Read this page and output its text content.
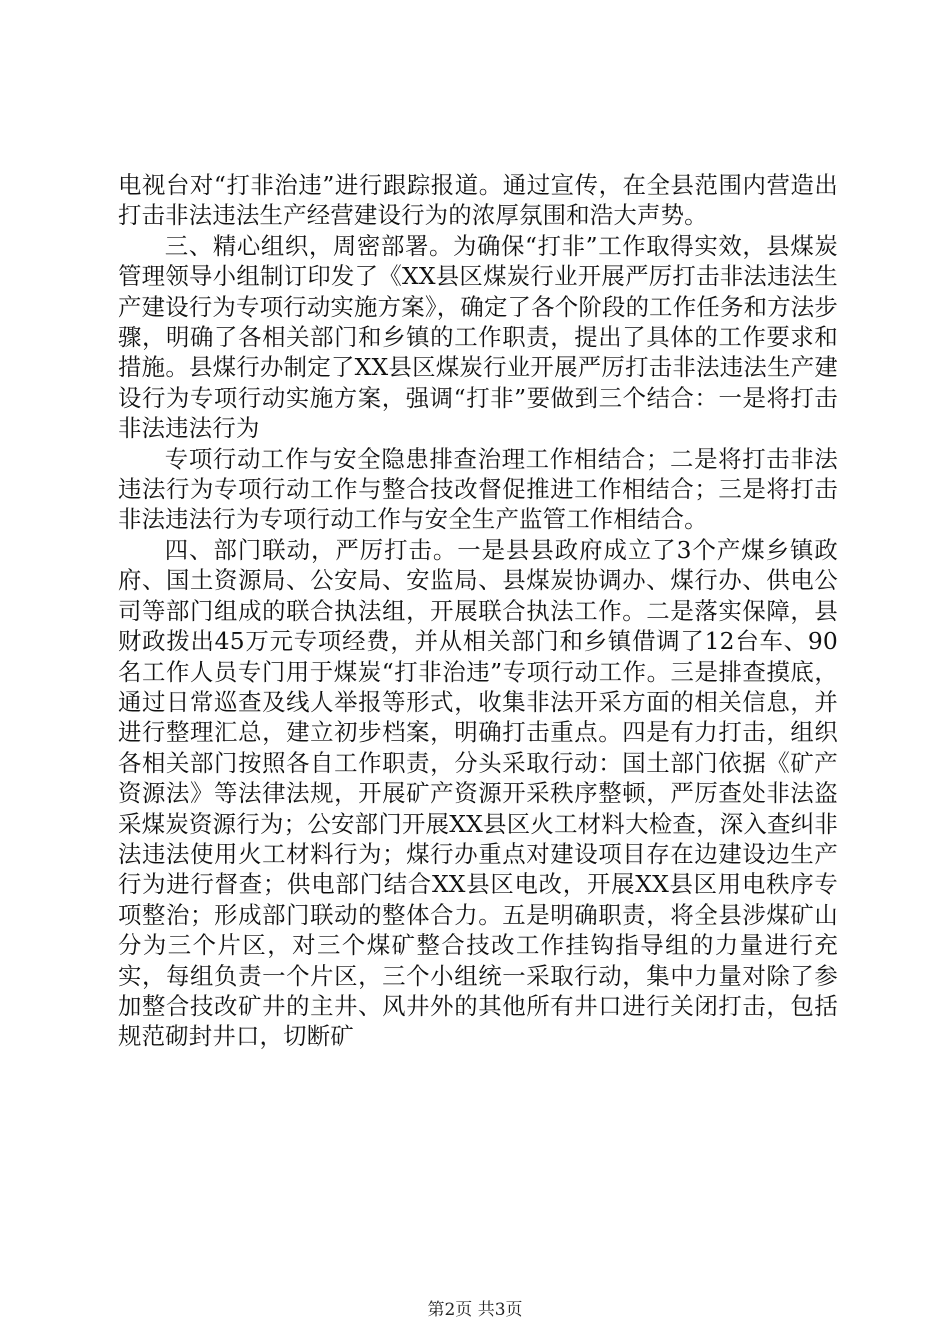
电视台对“打非治违”进行跟踪报道。通过宣传，在全县范围内营造出打击非法违法生产经营建设行为的浓厚氛围和浩大声势。

三、精心组织，周密部署。为确保“打非”工作取得实效，县煤炭管理领导小组制订印发了《XX县区煤炭行业开展严厉打击非法违法生产建设行为专项行动实施方案》，确定了各个阶段的工作任务和方法步骤，明确了各相关部门和乡镇的工作职责，提出了具体的工作要求和措施。县煤行办制定了XX县区煤炭行业开展严厉打击非法违法生产建设行为专项行动实施方案，强调“打非”要做到三个结合：一是将打击非法违法行为

专项行动工作与安全隐患排查治理工作相结合；二是将打击非法违法行为专项行动工作与整合技改督促推进工作相结合；三是将打击非法违法行为专项行动工作与安全生产监管工作相结合。

四、部门联动，严厉打击。一是县县政府成立了3个产煤乡镇政府、国土资源局、公安局、安监局、县煤炭协调办、煤行办、供电公司等部门组成的联合执法组，开展联合执法工作。二是落实保障，县财政拨出45万元专项经费，并从相关部门和乡镇借调了12台车、90名工作人员专门用于煤炭“打非治违”专项行动工作。三是排查摸底，通过日常巡查及线人举报等形式，收集非法开采方面的相关信息，并进行整理汇总，建立初步档案，明确打击重点。四是有力打击，组织各相关部门按照各自工作职责，分头采取行动：国土部门依据《矿产资源法》等法律法规，开展矿产资源开采秩序整顿，严厉查处非法盗采煤炭资源行为；公安部门开展XX县区火工材料大检查，深入查纠非法违法使用火工材料行为；煤行办重点对建设项目存在边建设边生产行为进行督查；供电部门结合XX县区电改，开展XX县区用电秩序专项整治；形成部门联动的整体合力。五是明确职责，将全县涉煤矿山分为三个片区，对三个煤矿整合技改工作挂钩指导组的力量进行充实，每组负责一个片区，三个小组统一采取行动，集中力量对除了参加整合技改矿井的主井、风井外的其他所有井口进行关闭打击，包括规范砌封井口，切断矿

第2页 共3页
